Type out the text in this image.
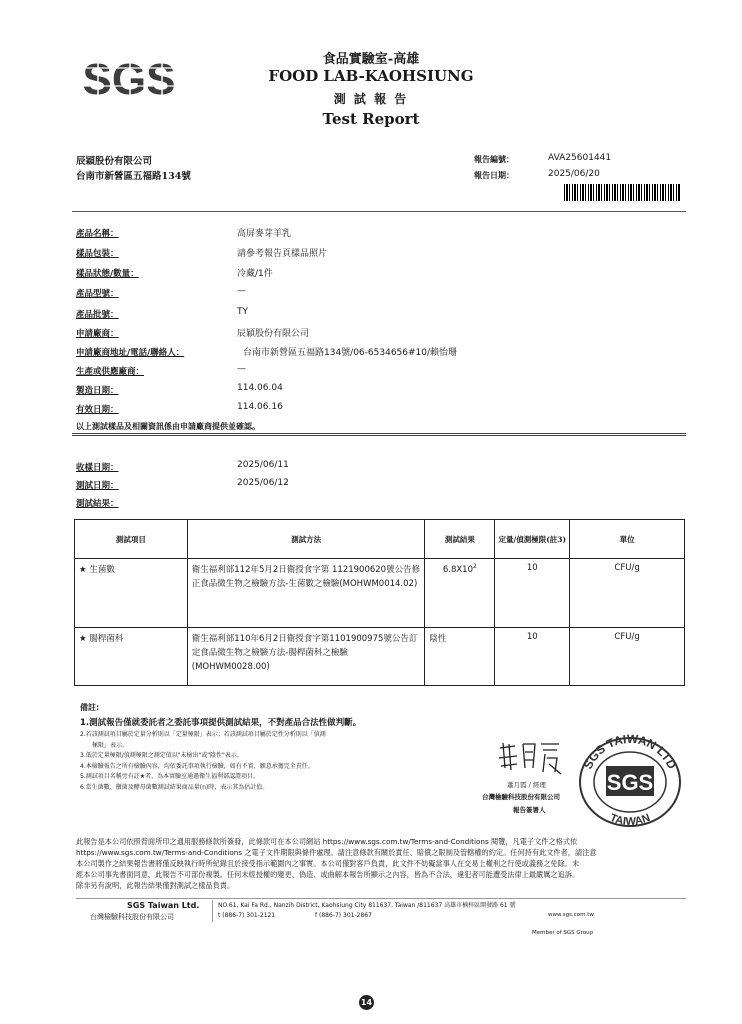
SGS	食品實驗室-高雄
FOOD LAB-KAOHSIUNG
測 試 報 告
Test Report
辰穎股份有限公司
台南市新營區五福路134號
報告編號：	AVA25601441
報告日期：	2025/06/20
產品名稱：	高屏麥芽羊乳
樣品包裝：	請參考報告頁樣品照片
樣品狀態/數量：	冷藏/1件
產品型號：	—
產品批號：	TY
申請廠商：	辰穎股份有限公司
申請廠商地址/電話/聯絡人：	台南市新營區五福路134號/06-6534656#10/賴怡珊
生產或供應廠商：	—
製造日期：	114.06.04
有效日期：	114.06.16
以上測試樣品及相關資訊係由申請廠商提供並確認。
收樣日期：	2025/06/11
測試日期：	2025/06/12
測試結果：
測試項目	測試方法	測試結果	定量/偵測極限(註3)	單位
★ 生菌數	衛生福利部112年5月2日衛授食字第 1121900620號公告修正食品微生物之檢驗方法-生菌數之檢驗(MOHWM0014.02)	$6.8X10^2$	10	CFU/g
★ 腸桿菌科	衛生福利部110年6月2日衛授食字第1101900975號公告訂定食品微生物之檢驗方法-腸桿菌科之檢驗(MOHWM0028.00)	陰性	10	CFU/g
備註:
1.測試報告僅就委託者之委託事項提供測試結果，不對產品合法性做判斷。
2.若該測試項目屬於定量分析則以「定量極限」表示；若該測試項目屬於定性分析則以「偵測
極限」表示。
3.低於定量極限/偵測極限之測定值以"未檢出"或"陰性"表示。
4.本檢驗報告之所有檢驗內容，均依委託事項執行檢驗，如有不實，願意承擔完全責任。
5.測試項目名稱旁有註★者，為本實驗室通過衛生福利部認證項目。
6.當生菌數、黴菌及酵母菌數測試結果商品量(n)時，表示其為估計值。	蕭月霞 / 經理
台灣檢驗科技股份有限公司
報告簽署人
SGS TAIWAN LTD
SGS
TAIWAN
此報告是本公司依照背面所印之通用服務條款所簽發，此條款可在本公司網站 https://www.sgs.com.tw/Terms-and-Conditions 閱覽，凡電子文件之格式依
https://www.sgs.com.tw/Terms-and-Conditions 之電子文件期限與條件處理。請注意條款有關於責任、賠償之限制及管轄權的約定。任何持有此文件者，請注意
本公司製作之結果報告書將僅反映執行時所紀錄且於接受指示範圍內之事實。本公司僅對客戶負責，此文件不妨礙當事人在交易上權利之行使或義務之免除。未
經本公司事先書面同意，此報告不可部份複製。任何未經授權的變更、偽造、或曲解本報告所顯示之內容，皆為不合法，違犯者可能遭受法律上最嚴厲之追訴。
除非另有說明，此報告結果僅對測試之樣品負責。
SGS Taiwan Ltd.
台灣檢驗科技股份有限公司
NO.61, Kai Fa Rd., Nanzih District, Kaohsiung City 811637, Taiwan /811637 高雄市楠梓區開發路 61 號
t (886-7) 301-2121	f (886-7) 301-2867	www.sgs.com.tw
Member of SGS Group
14
